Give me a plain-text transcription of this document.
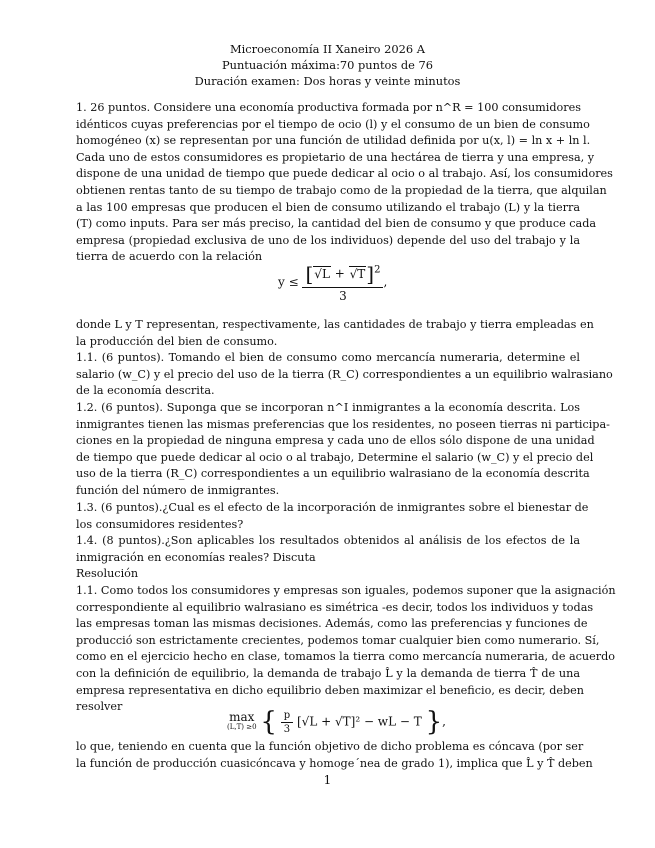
Microeconomía II Xaneiro 2026 A
Puntuación máxima:70 puntos de 76
Duración examen: Dos horas y veinte minutos
1. 26 puntos. Considere una economía productiva formada por n^R = 100 consumidores
idénticos cuyas preferencias por el tiempo de ocio (l) y el consumo de un bien de consumo
homogéneo (x) se representan por una función de utilidad definida por u(x, l) = ln x + ln l.
Cada uno de estos consumidores es propietario de una hectárea de tierra y una empresa, y
dispone de una unidad de tiempo que puede dedicar al ocio o al trabajo. Así, los consumidores
obtienen rentas tanto de su tiempo de trabajo como de la propiedad de la tierra, que alquilan
a las 100 empresas que producen el bien de consumo utilizando el trabajo (L) y la tierra
(T) como inputs. Para ser más preciso, la cantidad del bien de consumo y que produce cada
empresa (propiedad exclusiva de uno de los individuos) depende del uso del trabajo y la
tierra de acuerdo con la relación
$y \le \frac{[√L + √T]^2}{3}$ ,
donde L y T representan, respectivamente, las cantidades de trabajo y tierra empleadas en
la producción del bien de consumo.
1.1. (6 puntos). Tomando el bien de consumo como mercancía numeraria, determine el
salario (w_C) y el precio del uso de la tierra (R_C) correspondientes a un equilibrio walrasiano
de la economía descrita.
1.2. (6 puntos). Suponga que se incorporan n^I inmigrantes a la economía descrita. Los
inmigrantes tienen las mismas preferencias que los residentes, no poseen tierras ni participa-
ciones en la propiedad de ninguna empresa y cada uno de ellos sólo dispone de una unidad
de tiempo que puede dedicar al ocio o al trabajo, Determine el salario (w_C) y el precio del
uso de la tierra (R_C) correspondientes a un equilibrio walrasiano de la economía descrita
función del número de inmigrantes.
1.3. (6 puntos).¿Cual es el efecto de la incorporación de inmigrantes sobre el bienestar de
los consumidores residentes?
1.4. (8 puntos).¿Son aplicables los resultados obtenidos al análisis de los efectos de la
inmigración en economías reales? Discuta
Resolución
1.1. Como todos los consumidores y empresas son iguales, podemos suponer que la asignación
correspondiente al equilibrio walrasiano es simétrica -es decir, todos los individuos y todas
las empresas toman las mismas decisiones. Además, como las preferencias y funciones de
producció son estrictamente crecientes, podemos tomar cualquier bien como numerario. Sí,
como en el ejercicio hecho en clase, tomamos la tierra como mercancía numeraria, de acuerdo
con la definición de equilibrio, la demanda de trabajo L̂ y la demanda de tierra T̂ de una
empresa representativa en dicho equilibrio deben maximizar el beneficio, es decir, deben
resolver
max
(L,T) ≥0 { $\frac{p}{3} [√L + √T]^2$ − wL − T },
lo que, teniendo en cuenta que la función objetivo de dicho problema es cóncava (por ser
la función de producción cuasicóncava y homoge´nea de grado 1), implica que L̂ y T̂ deben
1
